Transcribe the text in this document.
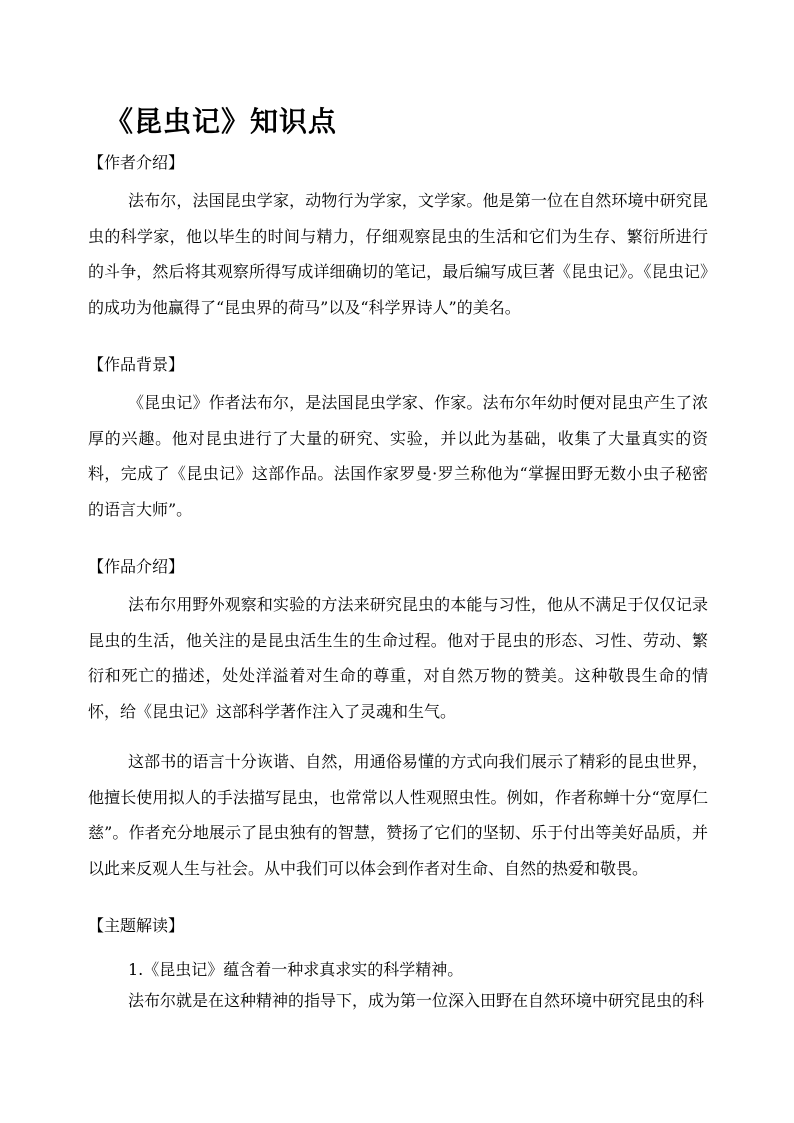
《昆虫记》知识点
【作者介绍】
法布尔，法国昆虫学家，动物行为学家，文学家。他是第一位在自然环境中研究昆虫的科学家，他以毕生的时间与精力，仔细观察昆虫的生活和它们为生存、繁衍所进行的斗争，然后将其观察所得写成详细确切的笔记，最后编写成巨著《昆虫记》。《昆虫记》的成功为他赢得了“昆虫界的荷马”以及“科学界诗人”的美名。
【作品背景】
《昆虫记》作者法布尔，是法国昆虫学家、作家。法布尔年幼时便对昆虫产生了浓厚的兴趣。他对昆虫进行了大量的研究、实验，并以此为基础，收集了大量真实的资料，完成了《昆虫记》这部作品。法国作家罗曼·罗兰称他为“掌握田野无数小虫子秘密的语言大师”。
【作品介绍】
法布尔用野外观察和实验的方法来研究昆虫的本能与习性，他从不满足于仅仅记录昆虫的生活，他关注的是昆虫活生生的生命过程。他对于昆虫的形态、习性、劳动、繁衍和死亡的描述，处处洋溢着对生命的尊重，对自然万物的赞美。这种敬畏生命的情怀，给《昆虫记》这部科学著作注入了灵魂和生气。
这部书的语言十分诙谐、自然，用通俗易懂的方式向我们展示了精彩的昆虫世界，他擅长使用拟人的手法描写昆虫，也常常以人性观照虫性。例如，作者称蝉十分“宽厚仁慈”。作者充分地展示了昆虫独有的智慧，赞扬了它们的坚韧、乐于付出等美好品质，并以此来反观人生与社会。从中我们可以体会到作者对生命、自然的热爱和敬畏。
【主题解读】
1.《昆虫记》蕴含着一种求真求实的科学精神。
法布尔就是在这种精神的指导下，成为第一位深入田野在自然环境中研究昆虫的科
